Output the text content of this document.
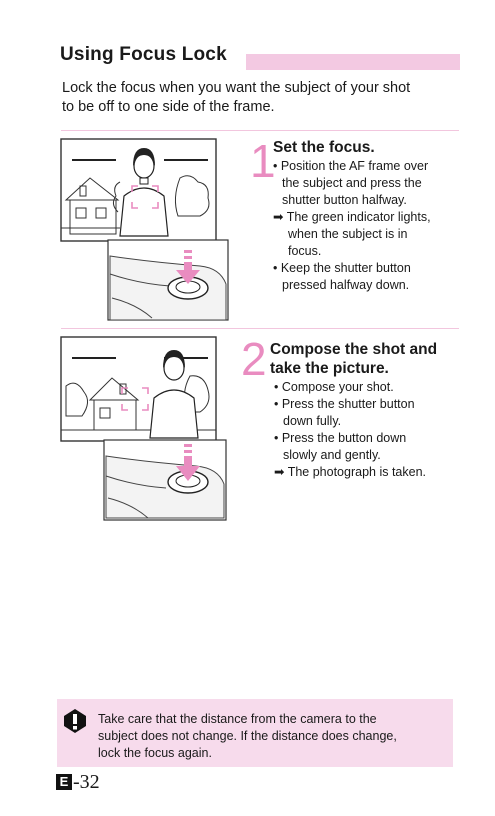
Using Focus Lock
Lock the focus when you want the subject of your shot
to be off to one side of the frame.
1
Set the focus.
• Position the AF frame over
the subject and press the
shutter button halfway.
➡ The green indicator lights,
when the subject is in
focus.
• Keep the shutter button
pressed halfway down.
2 Compose the shot and
take the picture.
• Compose your shot.
• Press the shutter button
down fully.
• Press the button down
slowly and gently.
➡ The photograph is taken.
Take care that the distance from the camera to the
subject does not change. If the distance does change,
lock the focus again.
E -32
